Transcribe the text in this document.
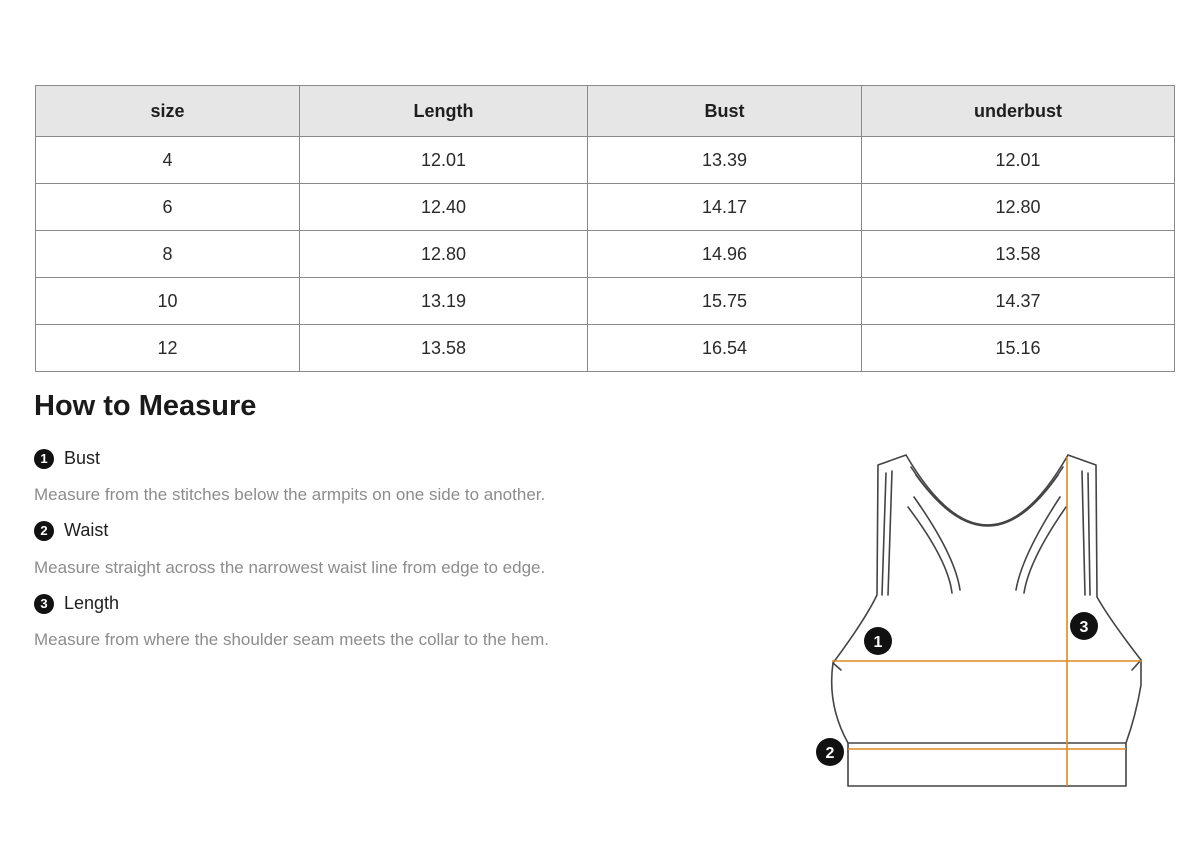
size	Length	Bust	underbust
4	12.01	13.39	12.01
6	12.40	14.17	12.80
8	12.80	14.96	13.58
10	13.19	15.75	14.37
12	13.58	16.54	15.16
How to Measure
1 Bust

Measure from the stitches below the armpits on one side to another.

2 Waist

Measure straight across the narrowest waist line from edge to edge.

3 Length

Measure from where the shoulder seam meets the collar to the hem.	1
2
3
